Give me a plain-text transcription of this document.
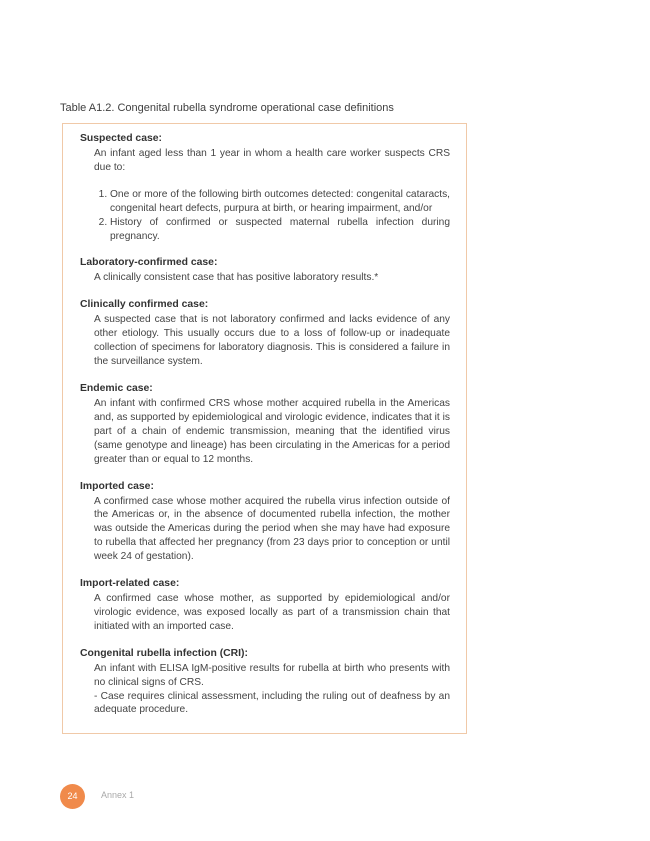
Table A1.2. Congenital rubella syndrome operational case definitions
Suspected case:

An infant aged less than 1 year in whom a health care worker suspects CRS due to:

1. One or more of the following birth outcomes detected: congenital cataracts, congenital heart defects, purpura at birth, or hearing impairment, and/or
2. History of confirmed or suspected maternal rubella infection during pregnancy.
Laboratory-confirmed case:

A clinically consistent case that has positive laboratory results.*

Clinically confirmed case:

A suspected case that is not laboratory confirmed and lacks evidence of any other etiology. This usually occurs due to a loss of follow-up or inadequate collection of specimens for laboratory diagnosis. This is considered a failure in the surveillance system.

Endemic case:

An infant with confirmed CRS whose mother acquired rubella in the Americas and, as supported by epidemiological and virologic evidence, indicates that it is part of a chain of endemic transmission, meaning that the identified virus (same genotype and lineage) has been circulating in the Americas for a period greater than or equal to 12 months.

Imported case:

A confirmed case whose mother acquired the rubella virus infection outside of the Americas or, in the absence of documented rubella infection, the mother was outside the Americas during the period when she may have had exposure to rubella that affected her pregnancy (from 23 days prior to conception or until week 24 of gestation).

Import-related case:

A confirmed case whose mother, as supported by epidemiological and/or virologic evidence, was exposed locally as part of a transmission chain that initiated with an imported case.

Congenital rubella infection (CRI):

An infant with ELISA IgM-positive results for rubella at birth who presents with no clinical signs of CRS.

- Case requires clinical assessment, including the ruling out of deafness by an adequate procedure.

24	Annex 1
